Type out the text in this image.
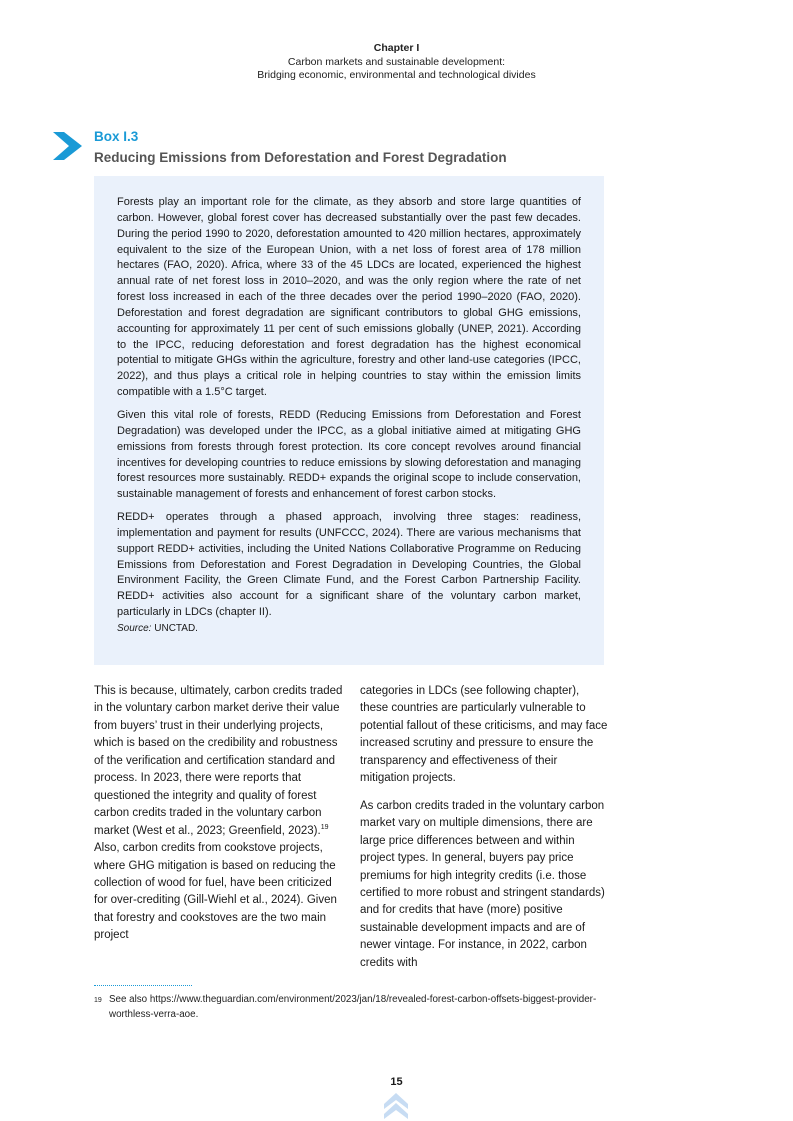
Chapter I
Carbon markets and sustainable development:
Bridging economic, environmental and technological divides
Box I.3
Reducing Emissions from Deforestation and Forest Degradation

Forests play an important role for the climate, as they absorb and store large quantities of carbon. However, global forest cover has decreased substantially over the past few decades. During the period 1990 to 2020, deforestation amounted to 420 million hectares, approximately equivalent to the size of the European Union, with a net loss of forest area of 178 million hectares (FAO, 2020). Africa, where 33 of the 45 LDCs are located, experienced the highest annual rate of net forest loss in 2010–2020, and was the only region where the rate of net forest loss increased in each of the three decades over the period 1990–2020 (FAO, 2020). Deforestation and forest degradation are significant contributors to global GHG emissions, accounting for approximately 11 per cent of such emissions globally (UNEP, 2021). According to the IPCC, reducing deforestation and forest degradation has the highest economical potential to mitigate GHGs within the agriculture, forestry and other land-use categories (IPCC, 2022), and thus plays a critical role in helping countries to stay within the emission limits compatible with a 1.5°C target.

Given this vital role of forests, REDD (Reducing Emissions from Deforestation and Forest Degradation) was developed under the IPCC, as a global initiative aimed at mitigating GHG emissions from forests through forest protection. Its core concept revolves around financial incentives for developing countries to reduce emissions by slowing deforestation and managing forest resources more sustainably. REDD+ expands the original scope to include conservation, sustainable management of forests and enhancement of forest carbon stocks.

REDD+ operates through a phased approach, involving three stages: readiness, implementation and payment for results (UNFCCC, 2024). There are various mechanisms that support REDD+ activities, including the United Nations Collaborative Programme on Reducing Emissions from Deforestation and Forest Degradation in Developing Countries, the Global Environment Facility, the Green Climate Fund, and the Forest Carbon Partnership Facility. REDD+ activities also account for a significant share of the voluntary carbon market, particularly in LDCs (chapter II).

Source: UNCTAD.

This is because, ultimately, carbon credits traded in the voluntary carbon market derive their value from buyers’ trust in their underlying projects, which is based on the credibility and robustness of the verification and certification standard and process. In 2023, there were reports that questioned the integrity and quality of forest carbon credits traded in the voluntary carbon market (West et al., 2023; Greenfield, 2023).$^{19}$ Also, carbon credits from cookstove projects, where GHG mitigation is based on reducing the collection of wood for fuel, have been criticized for over-crediting (Gill-Wiehl et al., 2024). Given that forestry and cookstoves are the two main project

categories in LDCs (see following chapter), these countries are particularly vulnerable to potential fallout of these criticisms, and may face increased scrutiny and pressure to ensure the transparency and effectiveness of their mitigation projects.

As carbon credits traded in the voluntary carbon market vary on multiple dimensions, there are large price differences between and within project types. In general, buyers pay price premiums for high integrity credits (i.e. those certified to more robust and stringent standards) and for credits that have (more) positive sustainable development impacts and are of newer vintage. For instance, in 2022, carbon credits with

19 See also https://www.theguardian.com/environment/2023/jan/18/revealed-forest-carbon-offsets-biggest-provider-worthless-verra-aoe.
15
